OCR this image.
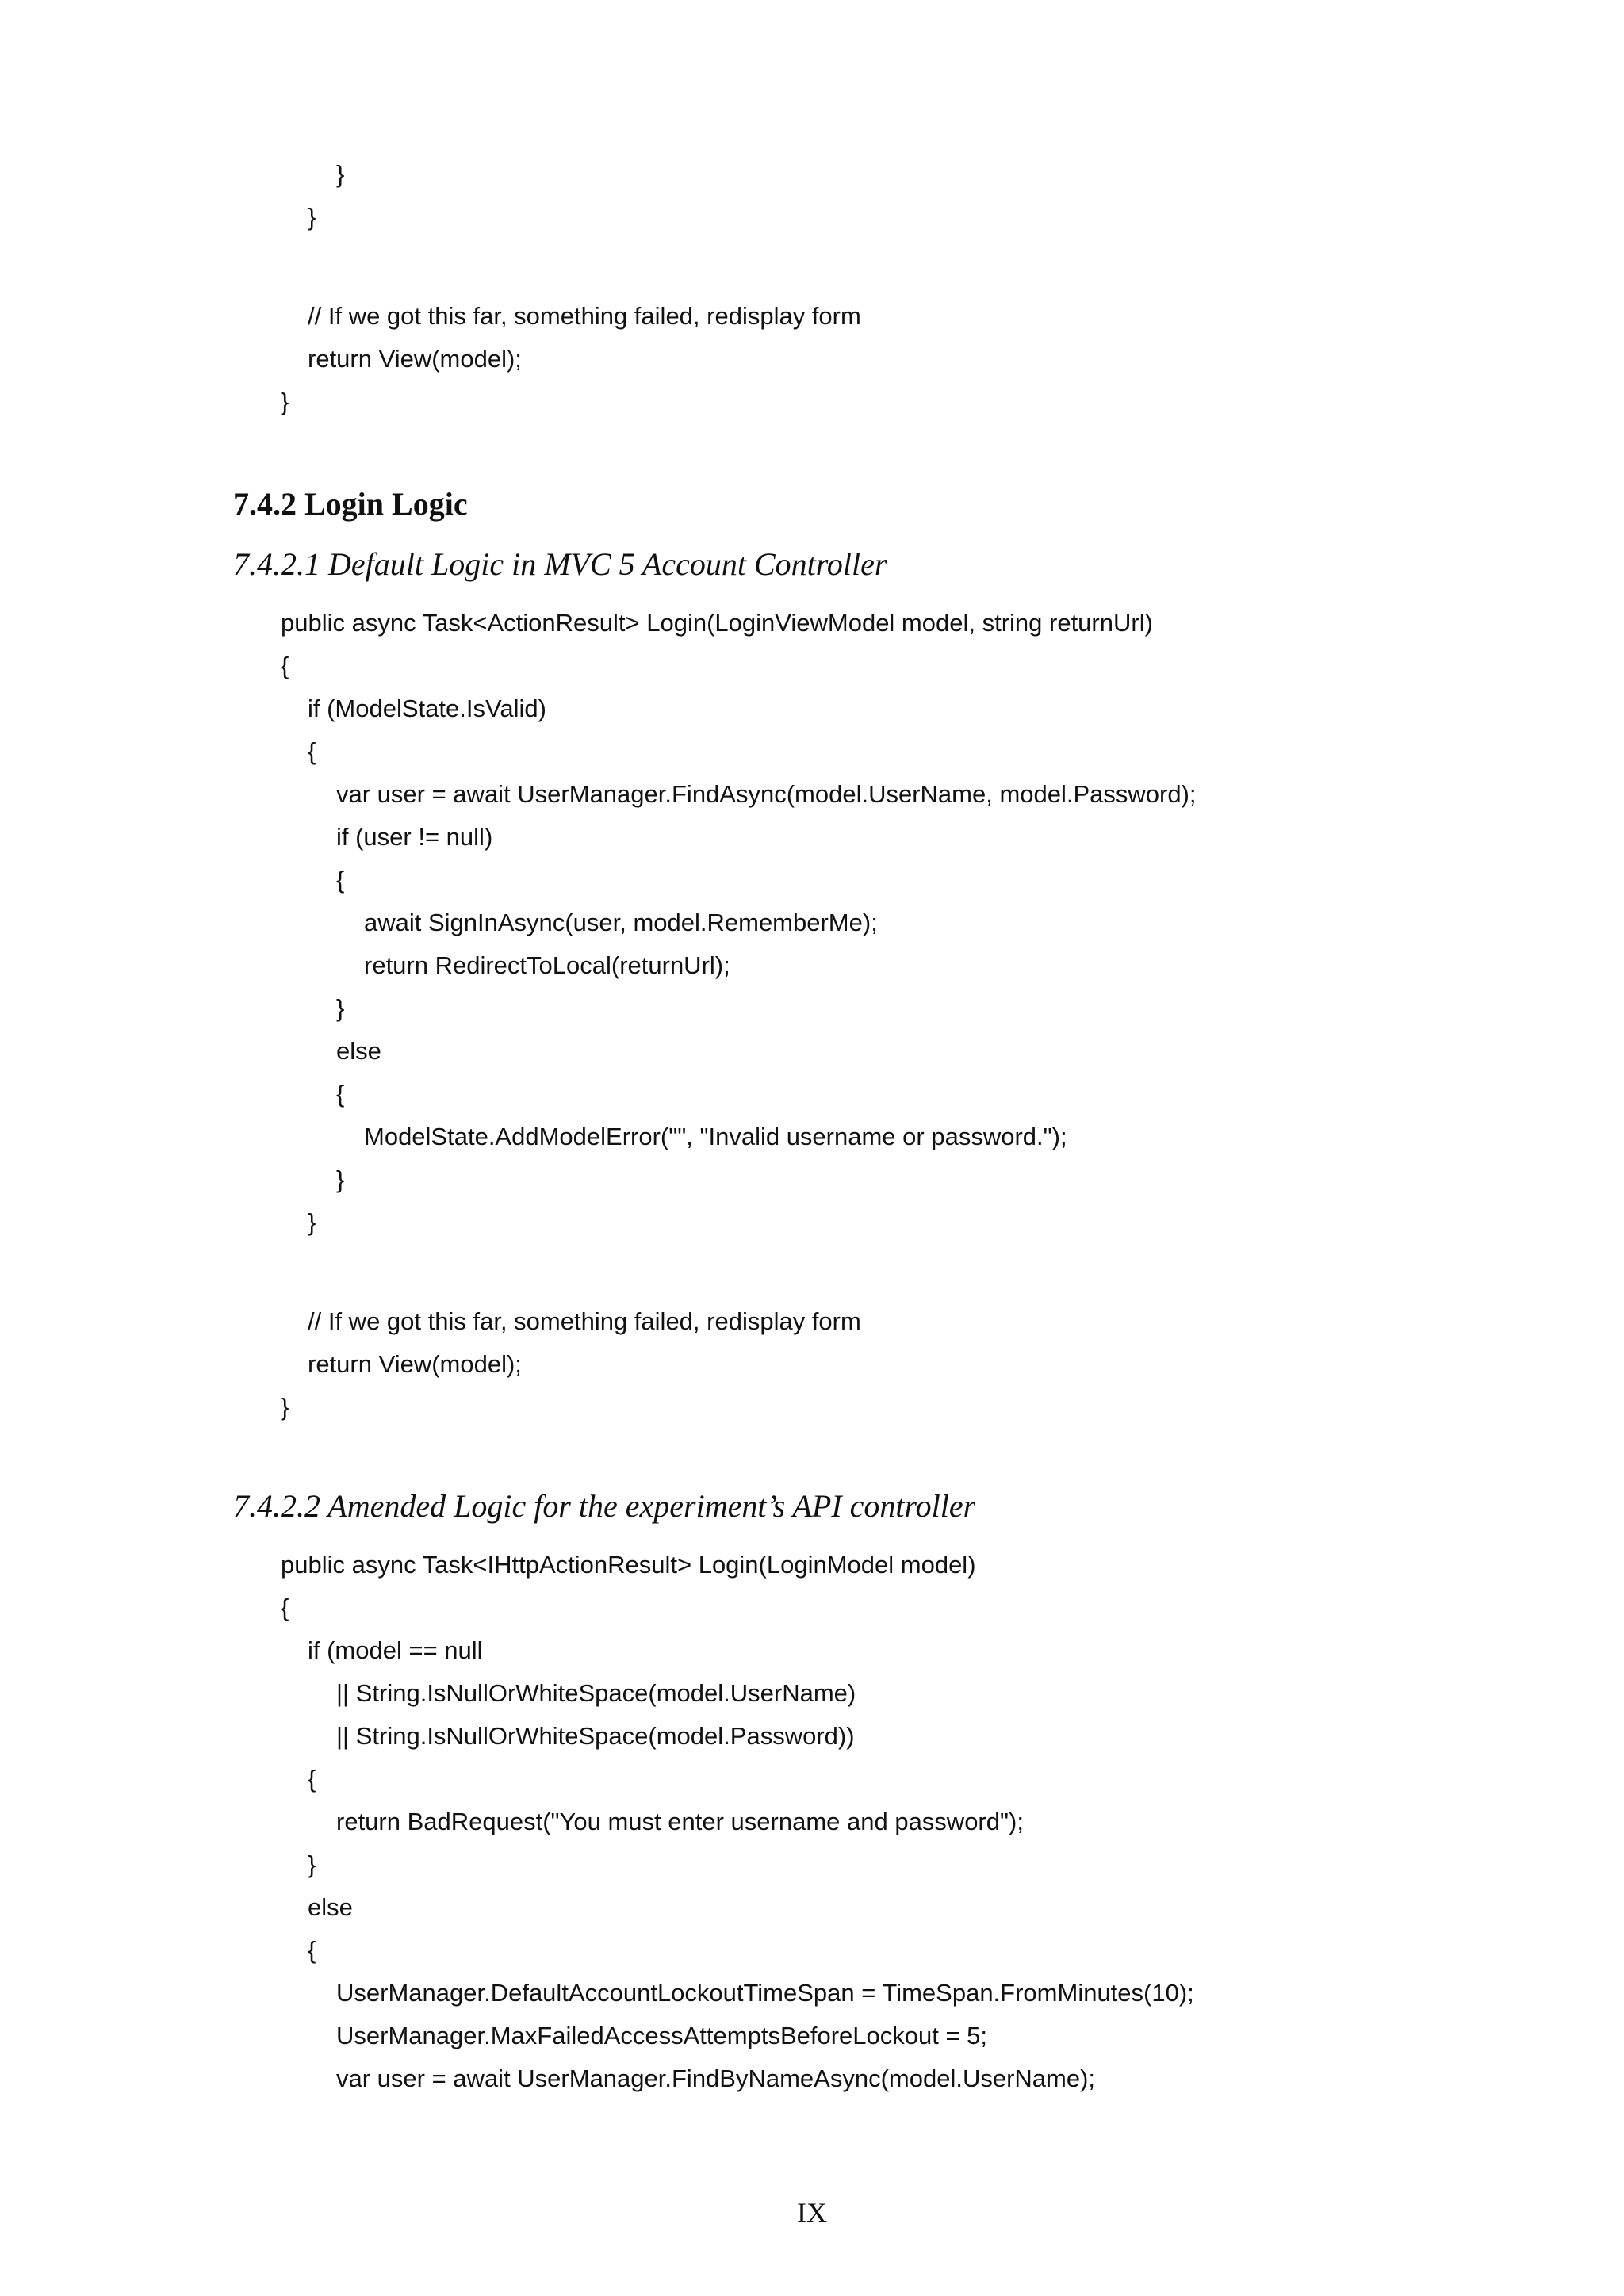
}
}
// If we got this far, something failed, redisplay form
return View(model);
}
7.4.2 Login Logic
7.4.2.1 Default Logic in MVC 5 Account Controller
public async Task<ActionResult> Login(LoginViewModel model, string returnUrl)
{
if (ModelState.IsValid)
{
var user = await UserManager.FindAsync(model.UserName, model.Password);
if (user != null)
{
await SignInAsync(user, model.RememberMe);
return RedirectToLocal(returnUrl);
}
else
{
ModelState.AddModelError("", "Invalid username or password.");
}
}
// If we got this far, something failed, redisplay form
return View(model);
}
7.4.2.2 Amended Logic for the experiment’s API controller
public async Task<IHttpActionResult> Login(LoginModel model)
{
if (model == null
|| String.IsNullOrWhiteSpace(model.UserName)
|| String.IsNullOrWhiteSpace(model.Password))
{
return BadRequest("You must enter username and password");
}
else
{
UserManager.DefaultAccountLockoutTimeSpan = TimeSpan.FromMinutes(10);
UserManager.MaxFailedAccessAttemptsBeforeLockout = 5;
var user = await UserManager.FindByNameAsync(model.UserName);
IX
